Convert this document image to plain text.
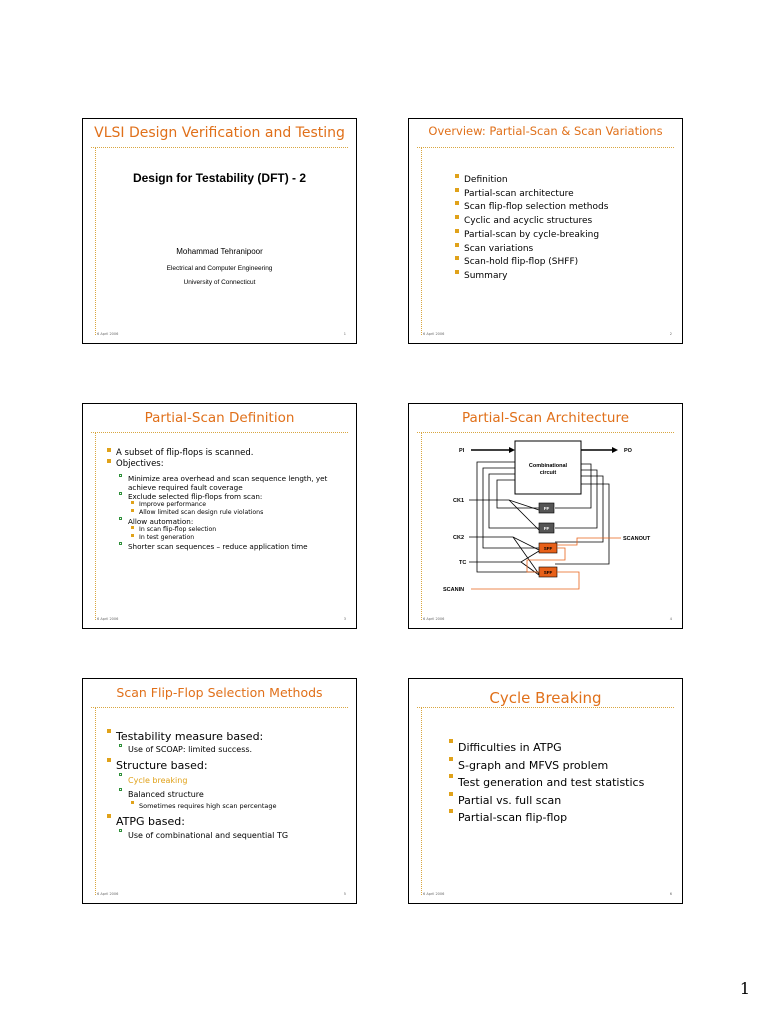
VLSI Design Verification and Testing
Design for Testability (DFT) - 2
Mohammad Tehranipoor
Electrical and Computer Engineering
University of Connecticut
6 April 2006	1
Overview: Partial-Scan & Scan Variations
Definition
Partial-scan architecture
Scan flip-flop selection methods
Cyclic and acyclic structures
Partial-scan by cycle-breaking
Scan variations
Scan-hold flip-flop (SHFF)
Summary
6 April 2006	2
Partial-Scan Definition
A subset of flip-flops is scanned.
Objectives:
Minimize area overhead and scan sequence length, yet achieve required fault coverage
Exclude selected flip-flops from scan:
Improve performance
Allow limited scan design rule violations
Allow automation:
In scan flip-flop selection
In test generation
Shorter scan sequences – reduce application time
6 April 2006	3
Partial-Scan Architecture
Combinational
circuit
PI	PO
FF
FF
SFF
SFF
CK1
CK2
TC
SCANIN
SCANOUT
6 April 2006	4
Scan Flip-Flop Selection Methods
Testability measure based:
Use of SCOAP: limited success.
Structure based:
Cycle breaking
Balanced structure
Sometimes requires high scan percentage
ATPG based:
Use of combinational and sequential TG
6 April 2006	5
Cycle Breaking
Difficulties in ATPG
S-graph and MFVS problem
Test generation and test statistics
Partial vs. full scan
Partial-scan flip-flop
6 April 2006	6
1
